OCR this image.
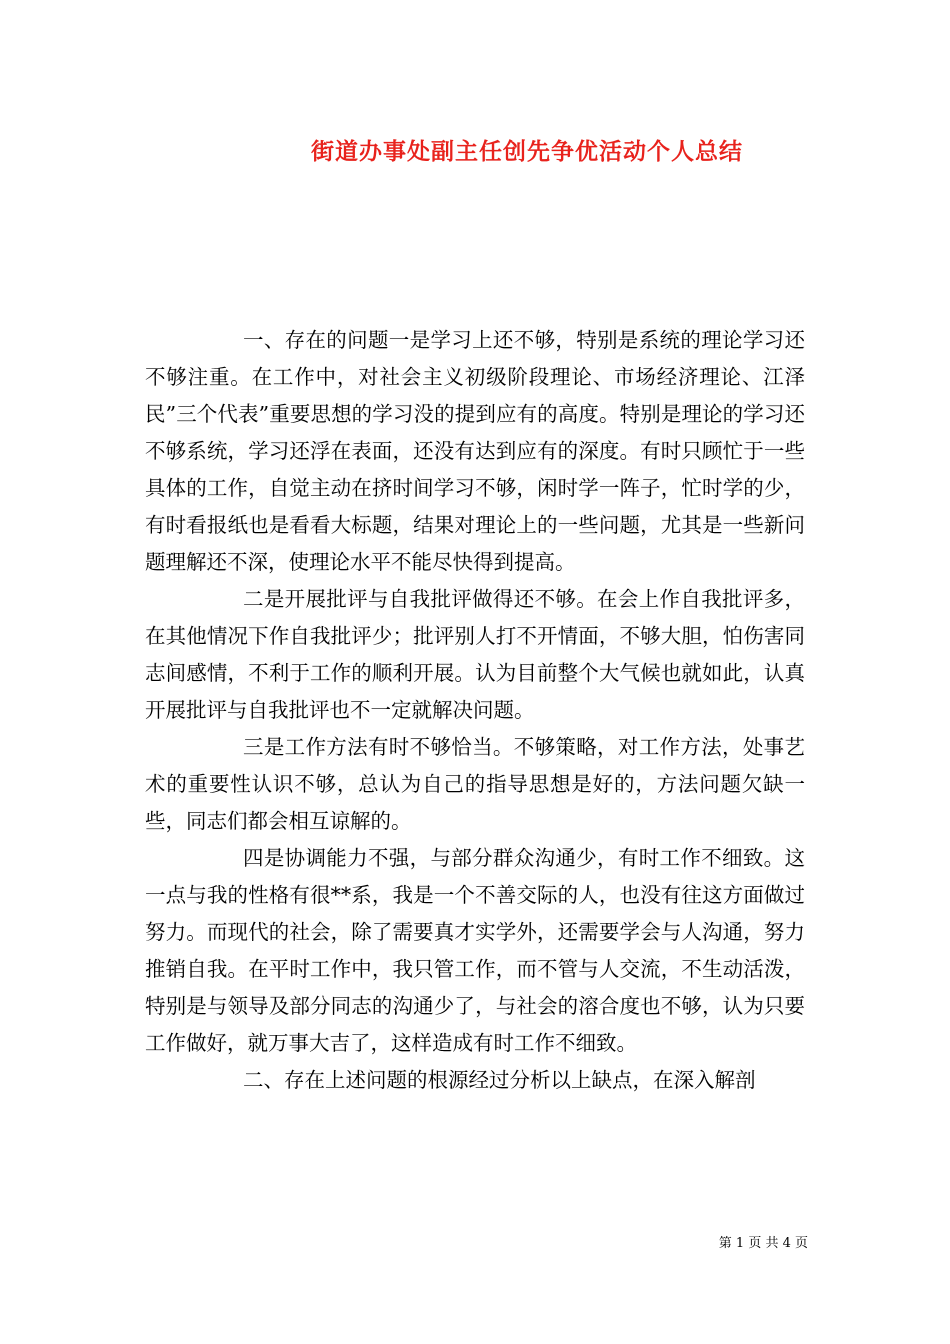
街道办事处副主任创先争优活动个人总结

一、存在的问题一是学习上还不够，特别是系统的理论学习还不够注重。在工作中，对社会主义初级阶段理论、市场经济理论、江泽民”三个代表”重要思想的学习没的提到应有的高度。特别是理论的学习还不够系统，学习还浮在表面，还没有达到应有的深度。有时只顾忙于一些具体的工作，自觉主动在挤时间学习不够，闲时学一阵子，忙时学的少，有时看报纸也是看看大标题，结果对理论上的一些问题，尤其是一些新问题理解还不深，使理论水平不能尽快得到提高。

二是开展批评与自我批评做得还不够。在会上作自我批评多，在其他情况下作自我批评少；批评别人打不开情面，不够大胆，怕伤害同志间感情，不利于工作的顺利开展。认为目前整个大气候也就如此，认真开展批评与自我批评也不一定就解决问题。

三是工作方法有时不够恰当。不够策略，对工作方法，处事艺术的重要性认识不够，总认为自己的指导思想是好的，方法问题欠缺一些，同志们都会相互谅解的。

四是协调能力不强，与部分群众沟通少，有时工作不细致。这一点与我的性格有很**系，我是一个不善交际的人，也没有往这方面做过努力。而现代的社会，除了需要真才实学外，还需要学会与人沟通，努力推销自我。在平时工作中，我只管工作，而不管与人交流，不生动活泼，特别是与领导及部分同志的沟通少了，与社会的溶合度也不够，认为只要工作做好，就万事大吉了，这样造成有时工作不细致。

二、存在上述问题的根源经过分析以上缺点，在深入解剖

第 1 页 共 4 页
